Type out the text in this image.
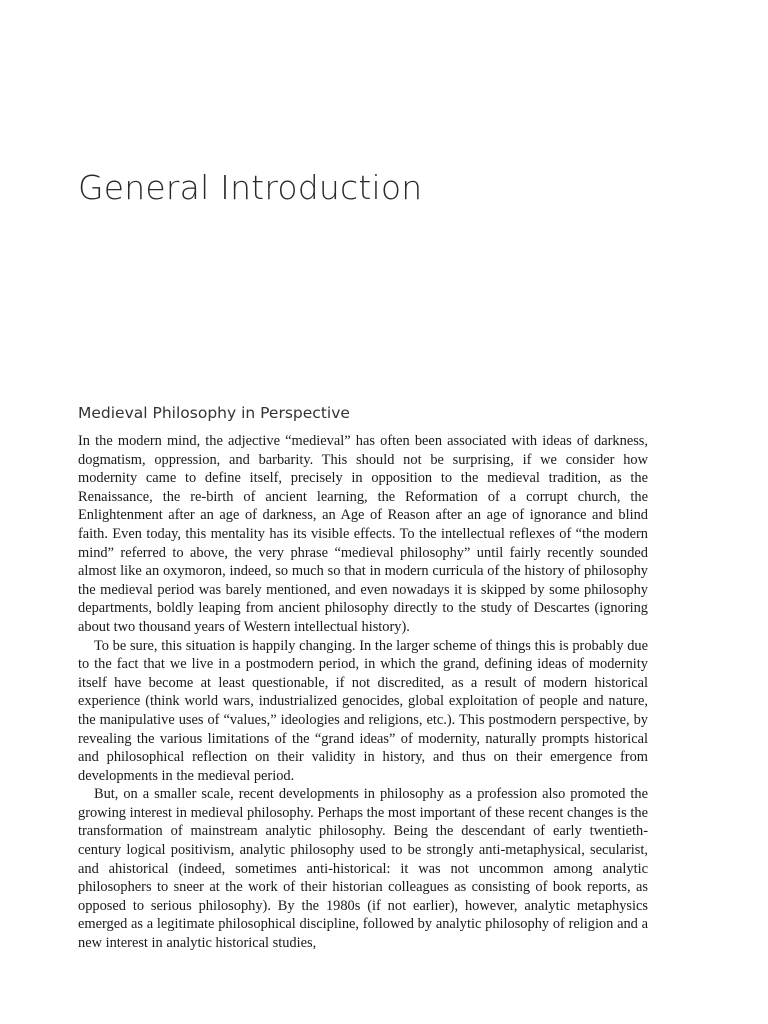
General Introduction
Medieval Philosophy in Perspective

In the modern mind, the adjective “medieval” has often been associated with ideas of darkness, dogmatism, oppression, and barbarity. This should not be surprising, if we consider how modernity came to define itself, precisely in opposition to the medieval tradition, as the Renaissance, the re-birth of ancient learning, the Reformation of a corrupt church, the Enlightenment after an age of darkness, an Age of Reason after an age of ignorance and blind faith. Even today, this mentality has its visible effects. To the intellectual reflexes of “the modern mind” referred to above, the very phrase “medieval philosophy” until fairly recently sounded almost like an oxymoron, indeed, so much so that in modern curricula of the history of philosophy the medieval period was barely mentioned, and even nowadays it is skipped by some philosophy departments, boldly leaping from ancient philosophy directly to the study of Descartes (ignoring about two thousand years of Western intellectual history).

To be sure, this situation is happily changing. In the larger scheme of things this is probably due to the fact that we live in a postmodern period, in which the grand, defining ideas of modernity itself have become at least questionable, if not discredited, as a result of modern historical experience (think world wars, industrialized genocides, global exploitation of people and nature, the manipulative uses of “values,” ideologies and religions, etc.). This postmodern perspective, by revealing the various limitations of the “grand ideas” of modernity, naturally prompts historical and philosophical reflection on their validity in history, and thus on their emergence from developments in the medieval period.

But, on a smaller scale, recent developments in philosophy as a profession also promoted the growing interest in medieval philosophy. Perhaps the most important of these recent changes is the transformation of mainstream analytic philosophy. Being the descendant of early twentieth-century logical positivism, analytic philosophy used to be strongly anti-metaphysical, secularist, and ahistorical (indeed, sometimes anti-historical: it was not uncommon among analytic philosophers to sneer at the work of their historian colleagues as consisting of book reports, as opposed to serious philosophy). By the 1980s (if not earlier), however, analytic metaphysics emerged as a legitimate philosophical discipline, followed by analytic philosophy of religion and a new interest in analytic historical studies,
